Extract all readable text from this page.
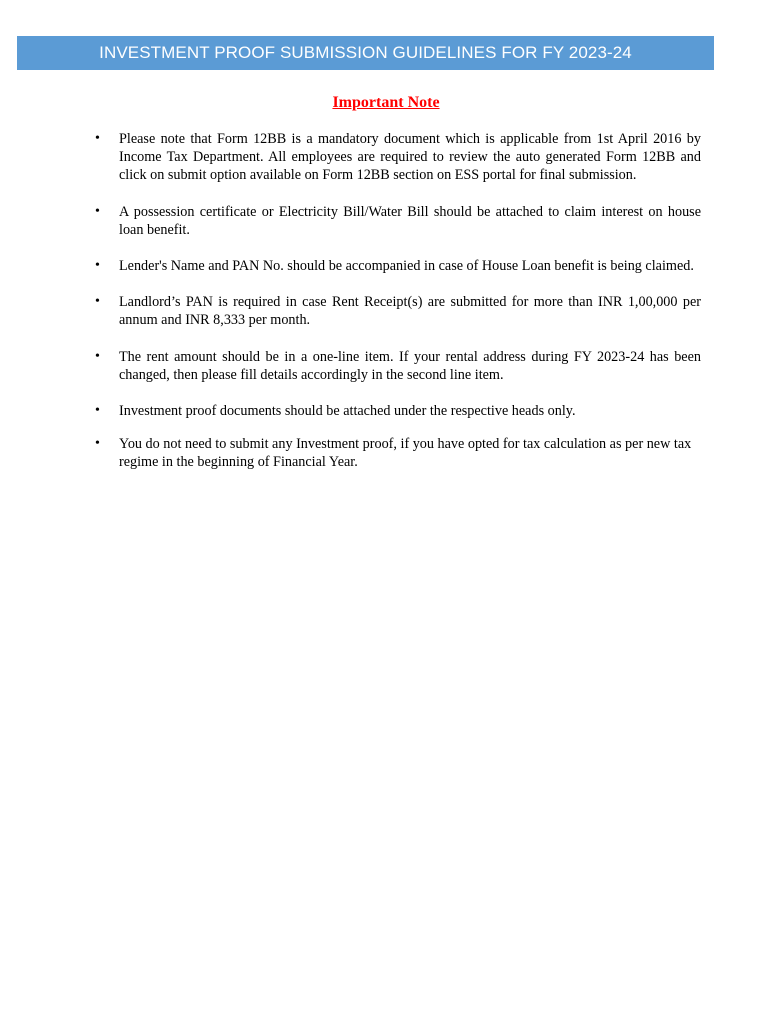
INVESTMENT PROOF SUBMISSION GUIDELINES FOR FY 2023-24
Important Note
• Please note that Form 12BB is a mandatory document which is applicable from 1st April 2016 by Income Tax Department. All employees are required to review the auto generated Form 12BB and click on submit option available on Form 12BB section on ESS portal for final submission.
• A possession certificate or Electricity Bill/Water Bill should be attached to claim interest on house loan benefit.
• Lender's Name and PAN No. should be accompanied in case of House Loan benefit is being claimed.
• Landlord’s PAN is required in case Rent Receipt(s) are submitted for more than INR 1,00,000 per annum and INR 8,333 per month.
• The rent amount should be in a one-line item. If your rental address during FY 2023-24 has been changed, then please fill details accordingly in the second line item.
• Investment proof documents should be attached under the respective heads only.
• You do not need to submit any Investment proof, if you have opted for tax calculation as per new tax regime in the beginning of Financial Year.
